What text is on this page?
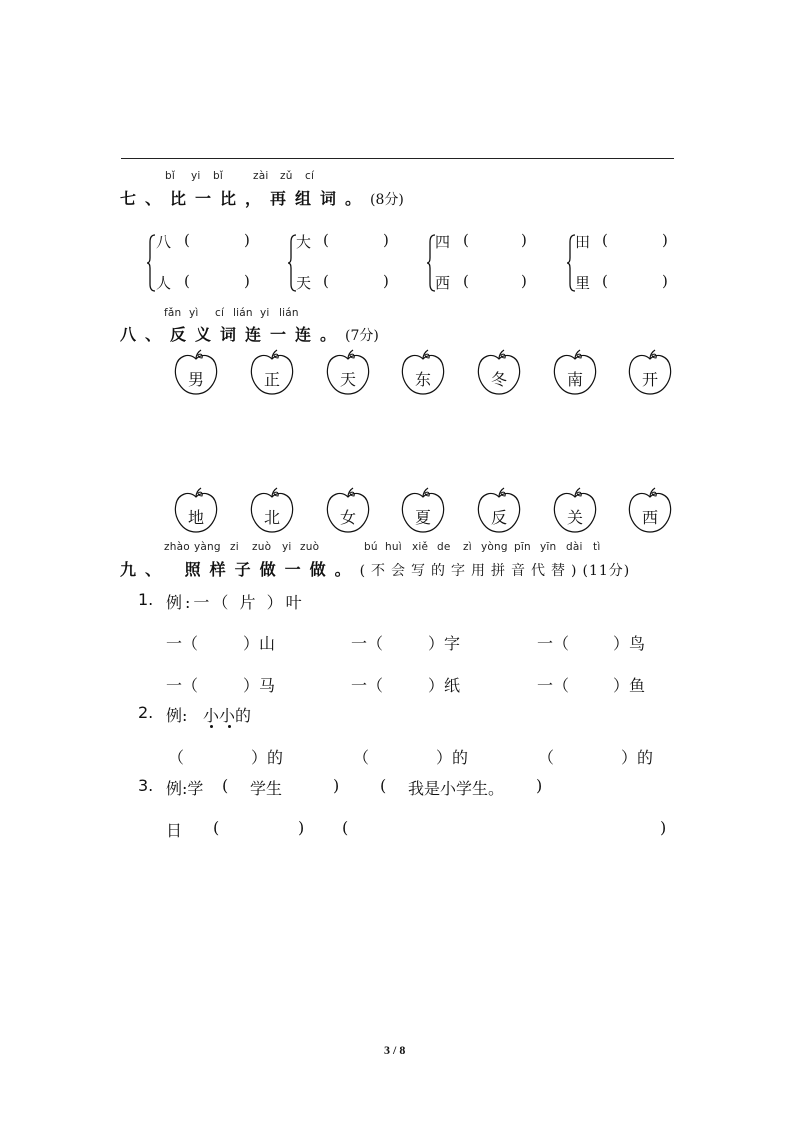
bǐ yi bǐ	zài zǔ cí
七、比一比，再组词。(8分)
八 (	)
人 (	)
大 (	)
天 (	)
四 (	)
西 (	)
田 (	)
里 (	)
fǎn yì cí lián yi lián
八、反义词连一连。(7分)
男	正	天	东	冬	南	开
地	北	女	夏	反	关	西
zhào yàng zi zuò yi zuò	bú huì xiě de zì yòng pīn yīn dài tì
九、 照样子做一做。(不会写的字用拼音代替)(11分)
1. 例:一（ 片 ）叶
一（	）山	一（	）字	一（	）鸟
一（	）马	一（	）纸	一（	）鱼
2. 例: 小小的
（	）的	（	）的	（	）的
3. 例:学 ( 学生	)	( 我是小学生。 )
日 (	) (	)
3 / 8
